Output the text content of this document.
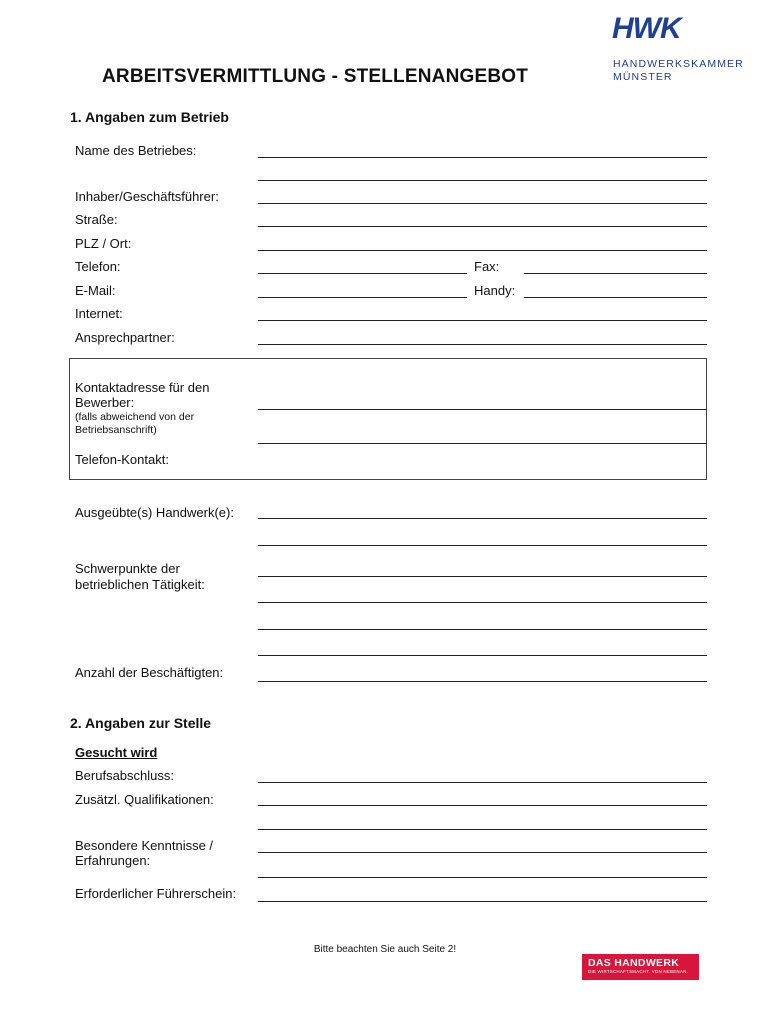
HWK
HANDWERKSKAMMER
MÜNSTER
ARBEITSVERMITTLUNG - STELLENANGEBOT
1. Angaben zum Betrieb
Name des Betriebes:
Inhaber/Geschäftsführer:
Straße:
PLZ / Ort:
Telefon:	Fax:
E-Mail:	Handy:
Internet:
Ansprechpartner:
Kontaktadresse für den
Bewerber:
(falls abweichend von der
Betriebsanschrift)
Telefon-Kontakt:
Ausgeübte(s) Handwerk(e):
Schwerpunkte der
betrieblichen Tätigkeit:
Anzahl der Beschäftigten:
2. Angaben zur Stelle
Gesucht wird
Berufsabschluss:
Zusätzl. Qualifikationen:
Besondere Kenntnisse /
Erfahrungen:
Erforderlicher Führerschein:
Bitte beachten Sie auch Seite 2!
DAS HANDWERK
DIE WIRTSCHAFTSMACHT. VON NEBENAN.
